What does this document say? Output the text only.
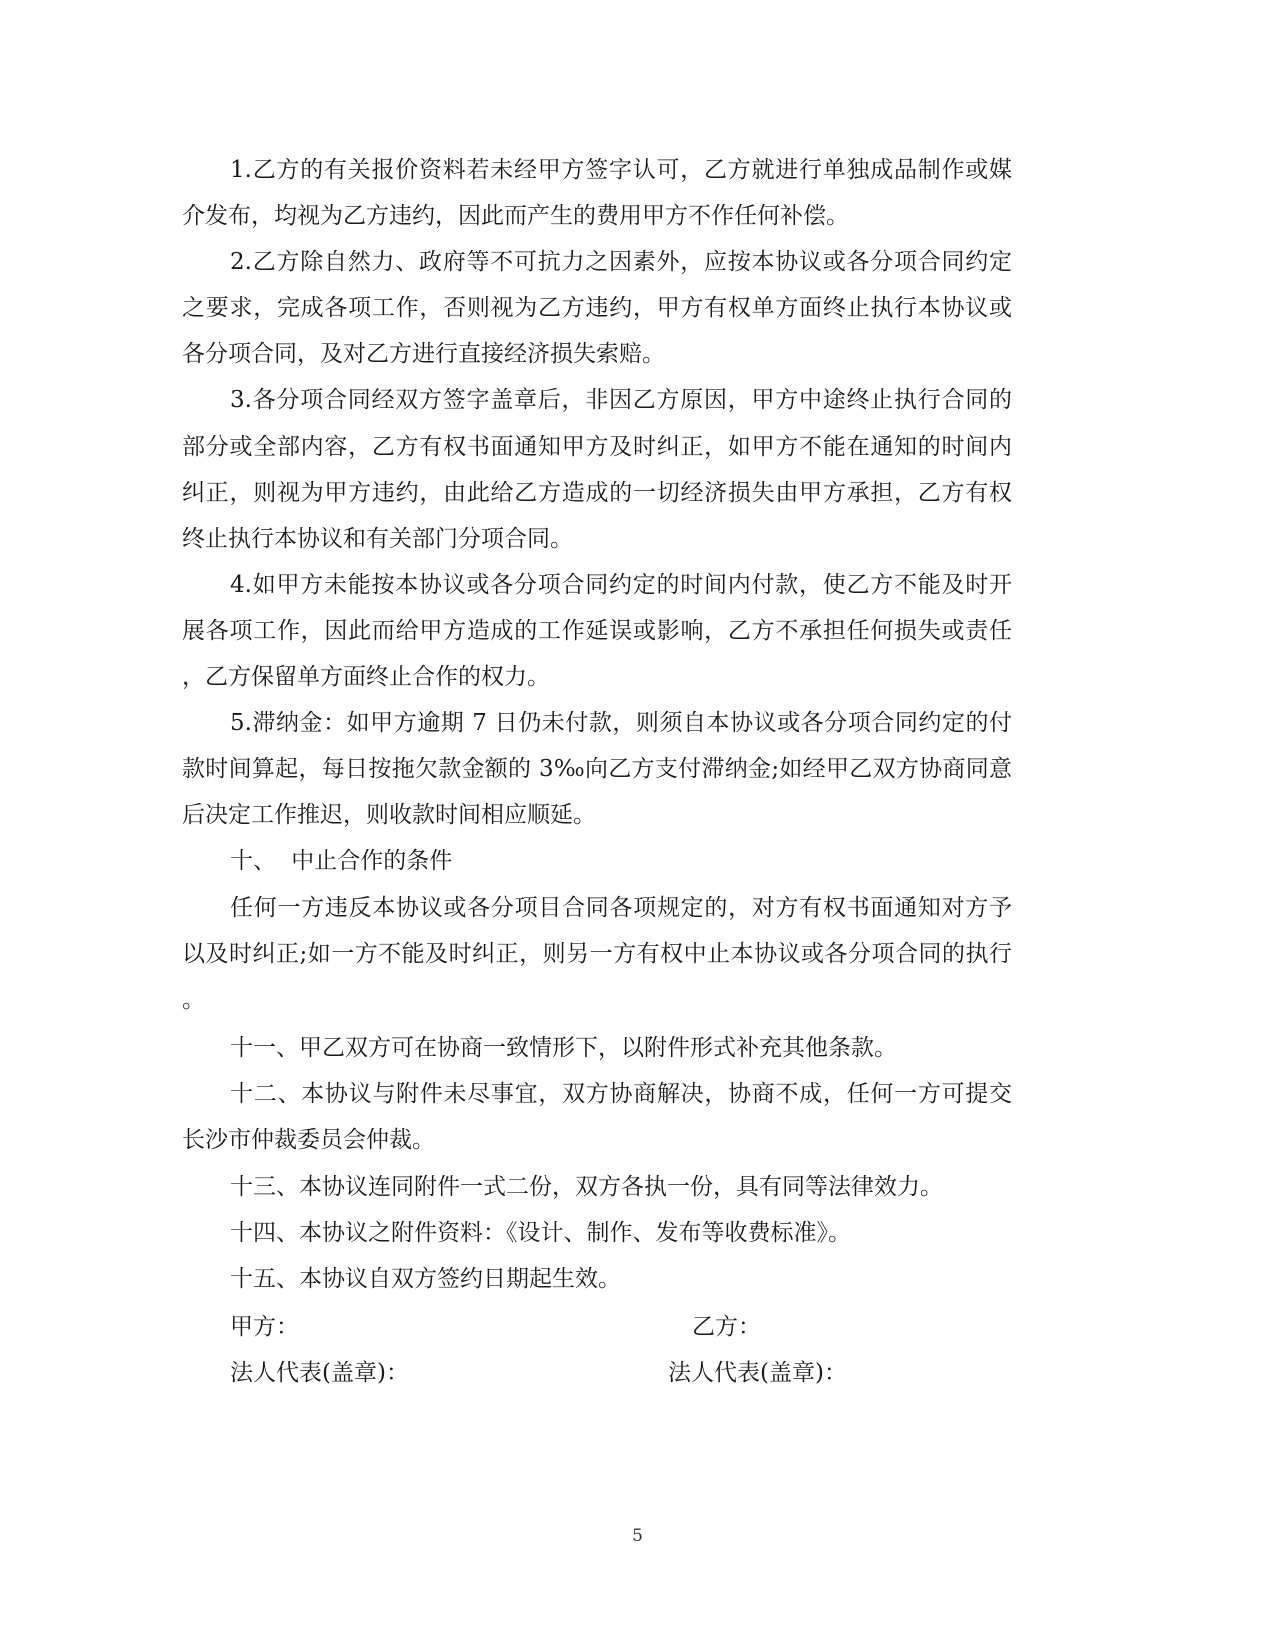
1.乙方的有关报价资料若未经甲方签字认可，乙方就进行单独成品制作或媒
介发布，均视为乙方违约，因此而产生的费用甲方不作任何补偿。
2.乙方除自然力、政府等不可抗力之因素外，应按本协议或各分项合同约定
之要求，完成各项工作，否则视为乙方违约，甲方有权单方面终止执行本协议或
各分项合同，及对乙方进行直接经济损失索赔。
3.各分项合同经双方签字盖章后，非因乙方原因，甲方中途终止执行合同的
部分或全部内容，乙方有权书面通知甲方及时纠正，如甲方不能在通知的时间内
纠正，则视为甲方违约，由此给乙方造成的一切经济损失由甲方承担，乙方有权
终止执行本协议和有关部门分项合同。
4.如甲方未能按本协议或各分项合同约定的时间内付款，使乙方不能及时开
展各项工作，因此而给甲方造成的工作延误或影响，乙方不承担任何损失或责任
，乙方保留单方面终止合作的权力。
5.滞纳金：如甲方逾期 7 日仍未付款，则须自本协议或各分项合同约定的付
款时间算起，每日按拖欠款金额的 3‰向乙方支付滞纳金;如经甲乙双方协商同意
后决定工作推迟，则收款时间相应顺延。
十、 中止合作的条件
任何一方违反本协议或各分项目合同各项规定的，对方有权书面通知对方予
以及时纠正;如一方不能及时纠正，则另一方有权中止本协议或各分项合同的执行
。
十一、甲乙双方可在协商一致情形下，以附件形式补充其他条款。
十二、本协议与附件未尽事宜，双方协商解决，协商不成，任何一方可提交
长沙市仲裁委员会仲裁。
十三、本协议连同附件一式二份，双方各执一份，具有同等法律效力。
十四、本协议之附件资料：《设计、制作、发布等收费标准》。
十五、本协议自双方签约日期起生效。
甲方：	乙方：
法人代表(盖章)：	法人代表(盖章)：
5
